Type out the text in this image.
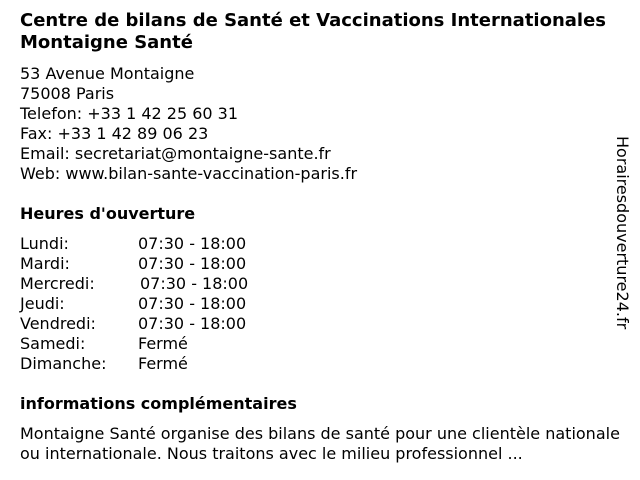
Centre de bilans de Santé et Vaccinations Internationales Montaigne Santé
53 Avenue Montaigne
75008 Paris
Telefon: +33 1 42 25 60 31
Fax: +33 1 42 89 06 23
Email: secretariat@montaigne-sante.fr
Web: www.bilan-sante-vaccination-paris.fr
Heures d'ouverture
Lundi:	07:30 - 18:00
Mardi:	07:30 - 18:00
Mercredi:	07:30 - 18:00
Jeudi:	07:30 - 18:00
Vendredi:	07:30 - 18:00
Samedi:	Fermé
Dimanche: Fermé
informations complémentaires
Montaigne Santé organise des bilans de santé pour une clientèle nationale ou internationale. Nous traitons avec le milieu professionnel ...
Horairesdouverture24.fr
